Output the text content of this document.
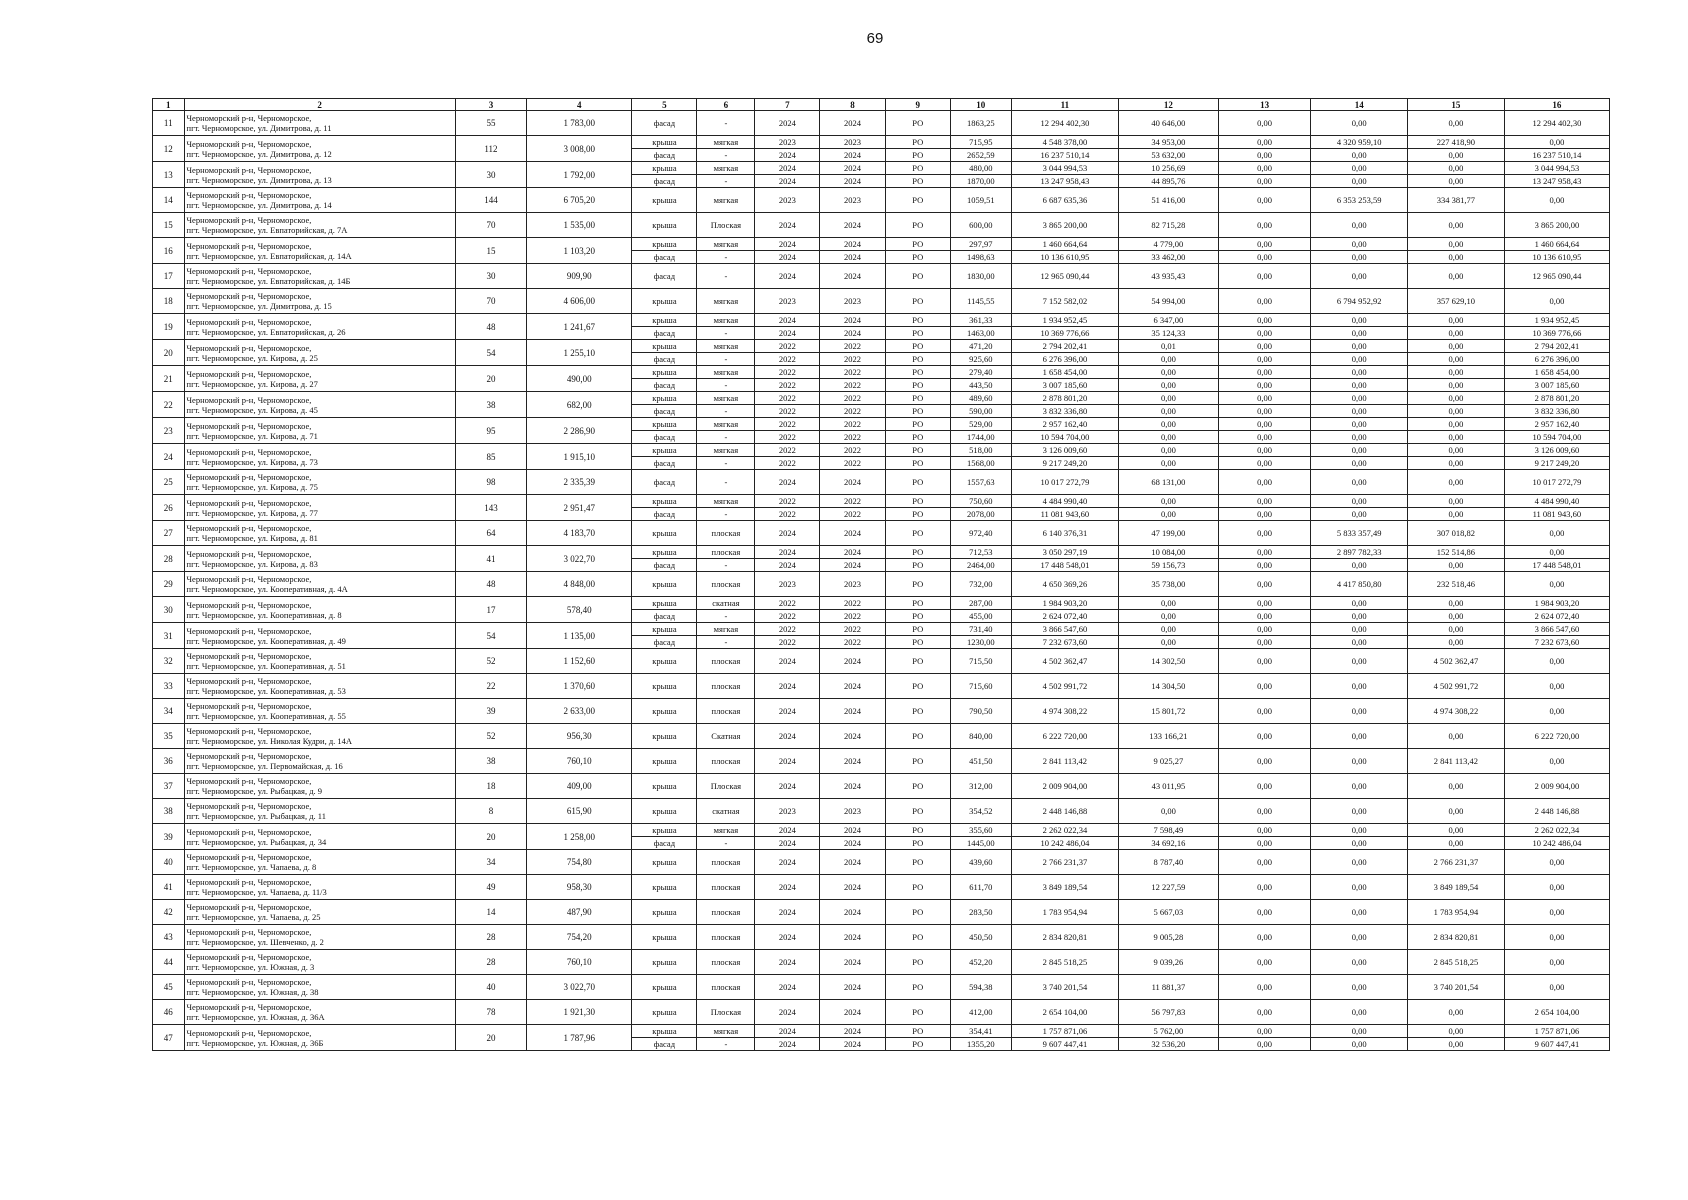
69
1	2	3	4	5	6	7	8	9	10	11	12	13	14	15	16
11	Черноморский р-н, Черноморское,
пгт. Черноморское, ул. Димитрова, д. 11	55	1 783,00	фасад	-	2024	2024	РО	1863,25	12 294 402,30	40 646,00	0,00	0,00	0,00	12 294 402,30
12	Черноморский р-н, Черноморское,
пгт. Черноморское, ул. Димитрова, д. 12	112	3 008,00	крыша	мягкая	2023	2023	РО	715,95	4 548 378,00	34 953,00	0,00	4 320 959,10	227 418,90	0,00
				фасад	-	2024	2024	РО	2652,59	16 237 510,14	53 632,00	0,00	0,00	0,00	16 237 510,14
13	Черноморский р-н, Черноморское,
пгт. Черноморское, ул. Димитрова, д. 13	30	1 792,00	крыша	мягкая	2024	2024	РО	480,00	3 044 994,53	10 256,69	0,00	0,00	0,00	3 044 994,53
				фасад	-	2024	2024	РО	1870,00	13 247 958,43	44 895,76	0,00	0,00	0,00	13 247 958,43
14	Черноморский р-н, Черноморское,
пгт. Черноморское, ул. Димитрова, д. 14	144	6 705,20	крыша	мягкая	2023	2023	РО	1059,51	6 687 635,36	51 416,00	0,00	6 353 253,59	334 381,77	0,00
15	Черноморский р-н, Черноморское,
пгт. Черноморское, ул. Евпаторийская, д. 7А	70	1 535,00	крыша	Плоская	2024	2024	РО	600,00	3 865 200,00	82 715,28	0,00	0,00	0,00	3 865 200,00
16	Черноморский р-н, Черноморское,
пгт. Черноморское, ул. Евпаторийская, д. 14А	15	1 103,20	крыша	мягкая	2024	2024	РО	297,97	1 460 664,64	4 779,00	0,00	0,00	0,00	1 460 664,64
				фасад	-	2024	2024	РО	1498,63	10 136 610,95	33 462,00	0,00	0,00	0,00	10 136 610,95
17	Черноморский р-н, Черноморское,
пгт. Черноморское, ул. Евпаторийская, д. 14Б	30	909,90	фасад	-	2024	2024	РО	1830,00	12 965 090,44	43 935,43	0,00	0,00	0,00	12 965 090,44
18	Черноморский р-н, Черноморское,
пгт. Черноморское, ул. Димитрова, д. 15	70	4 606,00	крыша	мягкая	2023	2023	РО	1145,55	7 152 582,02	54 994,00	0,00	6 794 952,92	357 629,10	0,00
19	Черноморский р-н, Черноморское,
пгт. Черноморское, ул. Евпаторийская, д. 26	48	1 241,67	крыша	мягкая	2024	2024	РО	361,33	1 934 952,45	6 347,00	0,00	0,00	0,00	1 934 952,45
				фасад	-	2024	2024	РО	1463,00	10 369 776,66	35 124,33	0,00	0,00	0,00	10 369 776,66
20	Черноморский р-н, Черноморское,
пгт. Черноморское, ул. Кирова, д. 25	54	1 255,10	крыша	мягкая	2022	2022	РО	471,20	2 794 202,41	0,01	0,00	0,00	0,00	2 794 202,41
				фасад	-	2022	2022	РО	925,60	6 276 396,00	0,00	0,00	0,00	0,00	6 276 396,00
21	Черноморский р-н, Черноморское,
пгт. Черноморское, ул. Кирова, д. 27	20	490,00	крыша	мягкая	2022	2022	РО	279,40	1 658 454,00	0,00	0,00	0,00	0,00	1 658 454,00
				фасад	-	2022	2022	РО	443,50	3 007 185,60	0,00	0,00	0,00	0,00	3 007 185,60
22	Черноморский р-н, Черноморское,
пгт. Черноморское, ул. Кирова, д. 45	38	682,00	крыша	мягкая	2022	2022	РО	489,60	2 878 801,20	0,00	0,00	0,00	0,00	2 878 801,20
				фасад	-	2022	2022	РО	590,00	3 832 336,80	0,00	0,00	0,00	0,00	3 832 336,80
23	Черноморский р-н, Черноморское,
пгт. Черноморское, ул. Кирова, д. 71	95	2 286,90	крыша	мягкая	2022	2022	РО	529,00	2 957 162,40	0,00	0,00	0,00	0,00	2 957 162,40
				фасад	-	2022	2022	РО	1744,00	10 594 704,00	0,00	0,00	0,00	0,00	10 594 704,00
24	Черноморский р-н, Черноморское,
пгт. Черноморское, ул. Кирова, д. 73	85	1 915,10	крыша	мягкая	2022	2022	РО	518,00	3 126 009,60	0,00	0,00	0,00	0,00	3 126 009,60
				фасад	-	2022	2022	РО	1568,00	9 217 249,20	0,00	0,00	0,00	0,00	9 217 249,20
25	Черноморский р-н, Черноморское,
пгт. Черноморское, ул. Кирова, д. 75	98	2 335,39	фасад	-	2024	2024	РО	1557,63	10 017 272,79	68 131,00	0,00	0,00	0,00	10 017 272,79
26	Черноморский р-н, Черноморское,
пгт. Черноморское, ул. Кирова, д. 77	143	2 951,47	крыша	мягкая	2022	2022	РО	750,60	4 484 990,40	0,00	0,00	0,00	0,00	4 484 990,40
				фасад	-	2022	2022	РО	2078,00	11 081 943,60	0,00	0,00	0,00	0,00	11 081 943,60
27	Черноморский р-н, Черноморское,
пгт. Черноморское, ул. Кирова, д. 81	64	4 183,70	крыша	плоская	2024	2024	РО	972,40	6 140 376,31	47 199,00	0,00	5 833 357,49	307 018,82	0,00
28	Черноморский р-н, Черноморское,
пгт. Черноморское, ул. Кирова, д. 83	41	3 022,70	крыша	плоская	2024	2024	РО	712,53	3 050 297,19	10 084,00	0,00	2 897 782,33	152 514,86	0,00
				фасад	-	2024	2024	РО	2464,00	17 448 548,01	59 156,73	0,00	0,00	0,00	17 448 548,01
29	Черноморский р-н, Черноморское,
пгт. Черноморское, ул. Кооперативная, д. 4А	48	4 848,00	крыша	плоская	2023	2023	РО	732,00	4 650 369,26	35 738,00	0,00	4 417 850,80	232 518,46	0,00
30	Черноморский р-н, Черноморское,
пгт. Черноморское, ул. Кооперативная, д. 8	17	578,40	крыша	скатная	2022	2022	РО	287,00	1 984 903,20	0,00	0,00	0,00	0,00	1 984 903,20
				фасад	-	2022	2022	РО	455,00	2 624 072,40	0,00	0,00	0,00	0,00	2 624 072,40
31	Черноморский р-н, Черноморское,
пгт. Черноморское, ул. Кооперативная, д. 49	54	1 135,00	крыша	мягкая	2022	2022	РО	731,40	3 866 547,60	0,00	0,00	0,00	0,00	3 866 547,60
				фасад	-	2022	2022	РО	1230,00	7 232 673,60	0,00	0,00	0,00	0,00	7 232 673,60
32	Черноморский р-н, Черноморское,
пгт. Черноморское, ул. Кооперативная, д. 51	52	1 152,60	крыша	плоская	2024	2024	РО	715,50	4 502 362,47	14 302,50	0,00	0,00	4 502 362,47	0,00
33	Черноморский р-н, Черноморское,
пгт. Черноморское, ул. Кооперативная, д. 53	22	1 370,60	крыша	плоская	2024	2024	РО	715,60	4 502 991,72	14 304,50	0,00	0,00	4 502 991,72	0,00
34	Черноморский р-н, Черноморское,
пгт. Черноморское, ул. Кооперативная, д. 55	39	2 633,00	крыша	плоская	2024	2024	РО	790,50	4 974 308,22	15 801,72	0,00	0,00	4 974 308,22	0,00
35	Черноморский р-н, Черноморское,
пгт. Черноморское, ул. Николая Кудри, д. 14А	52	956,30	крыша	Скатная	2024	2024	РО	840,00	6 222 720,00	133 166,21	0,00	0,00	0,00	6 222 720,00
36	Черноморский р-н, Черноморское,
пгт. Черноморское, ул. Первомайская, д. 16	38	760,10	крыша	плоская	2024	2024	РО	451,50	2 841 113,42	9 025,27	0,00	0,00	2 841 113,42	0,00
37	Черноморский р-н, Черноморское,
пгт. Черноморское, ул. Рыбацкая, д. 9	18	409,00	крыша	Плоская	2024	2024	РО	312,00	2 009 904,00	43 011,95	0,00	0,00	0,00	2 009 904,00
38	Черноморский р-н, Черноморское,
пгт. Черноморское, ул. Рыбацкая, д. 11	8	615,90	крыша	скатная	2023	2023	РО	354,52	2 448 146,88	0,00	0,00	0,00	0,00	2 448 146,88
39	Черноморский р-н, Черноморское,
пгт. Черноморское, ул. Рыбацкая, д. 34	20	1 258,00	крыша	мягкая	2024	2024	РО	355,60	2 262 022,34	7 598,49	0,00	0,00	0,00	2 262 022,34
				фасад	-	2024	2024	РО	1445,00	10 242 486,04	34 692,16	0,00	0,00	0,00	10 242 486,04
40	Черноморский р-н, Черноморское,
пгт. Черноморское, ул. Чапаева, д. 8	34	754,80	крыша	плоская	2024	2024	РО	439,60	2 766 231,37	8 787,40	0,00	0,00	2 766 231,37	0,00
41	Черноморский р-н, Черноморское,
пгт. Черноморское, ул. Чапаева, д. 11/3	49	958,30	крыша	плоская	2024	2024	РО	611,70	3 849 189,54	12 227,59	0,00	0,00	3 849 189,54	0,00
42	Черноморский р-н, Черноморское,
пгт. Черноморское, ул. Чапаева, д. 25	14	487,90	крыша	плоская	2024	2024	РО	283,50	1 783 954,94	5 667,03	0,00	0,00	1 783 954,94	0,00
43	Черноморский р-н, Черноморское,
пгт. Черноморское, ул. Шевченко, д. 2	28	754,20	крыша	плоская	2024	2024	РО	450,50	2 834 820,81	9 005,28	0,00	0,00	2 834 820,81	0,00
44	Черноморский р-н, Черноморское,
пгт. Черноморское, ул. Южная, д. 3	28	760,10	крыша	плоская	2024	2024	РО	452,20	2 845 518,25	9 039,26	0,00	0,00	2 845 518,25	0,00
45	Черноморский р-н, Черноморское,
пгт. Черноморское, ул. Южная, д. 38	40	3 022,70	крыша	плоская	2024	2024	РО	594,38	3 740 201,54	11 881,37	0,00	0,00	3 740 201,54	0,00
46	Черноморский р-н, Черноморское,
пгт. Черноморское, ул. Южная, д. 36А	78	1 921,30	крыша	Плоская	2024	2024	РО	412,00	2 654 104,00	56 797,83	0,00	0,00	0,00	2 654 104,00
47	Черноморский р-н, Черноморское,
пгт. Черноморское, ул. Южная, д. 36Б	20	1 787,96	крыша	мягкая	2024	2024	РО	354,41	1 757 871,06	5 762,00	0,00	0,00	0,00	1 757 871,06
				фасад	-	2024	2024	РО	1355,20	9 607 447,41	32 536,20	0,00	0,00	0,00	9 607 447,41
